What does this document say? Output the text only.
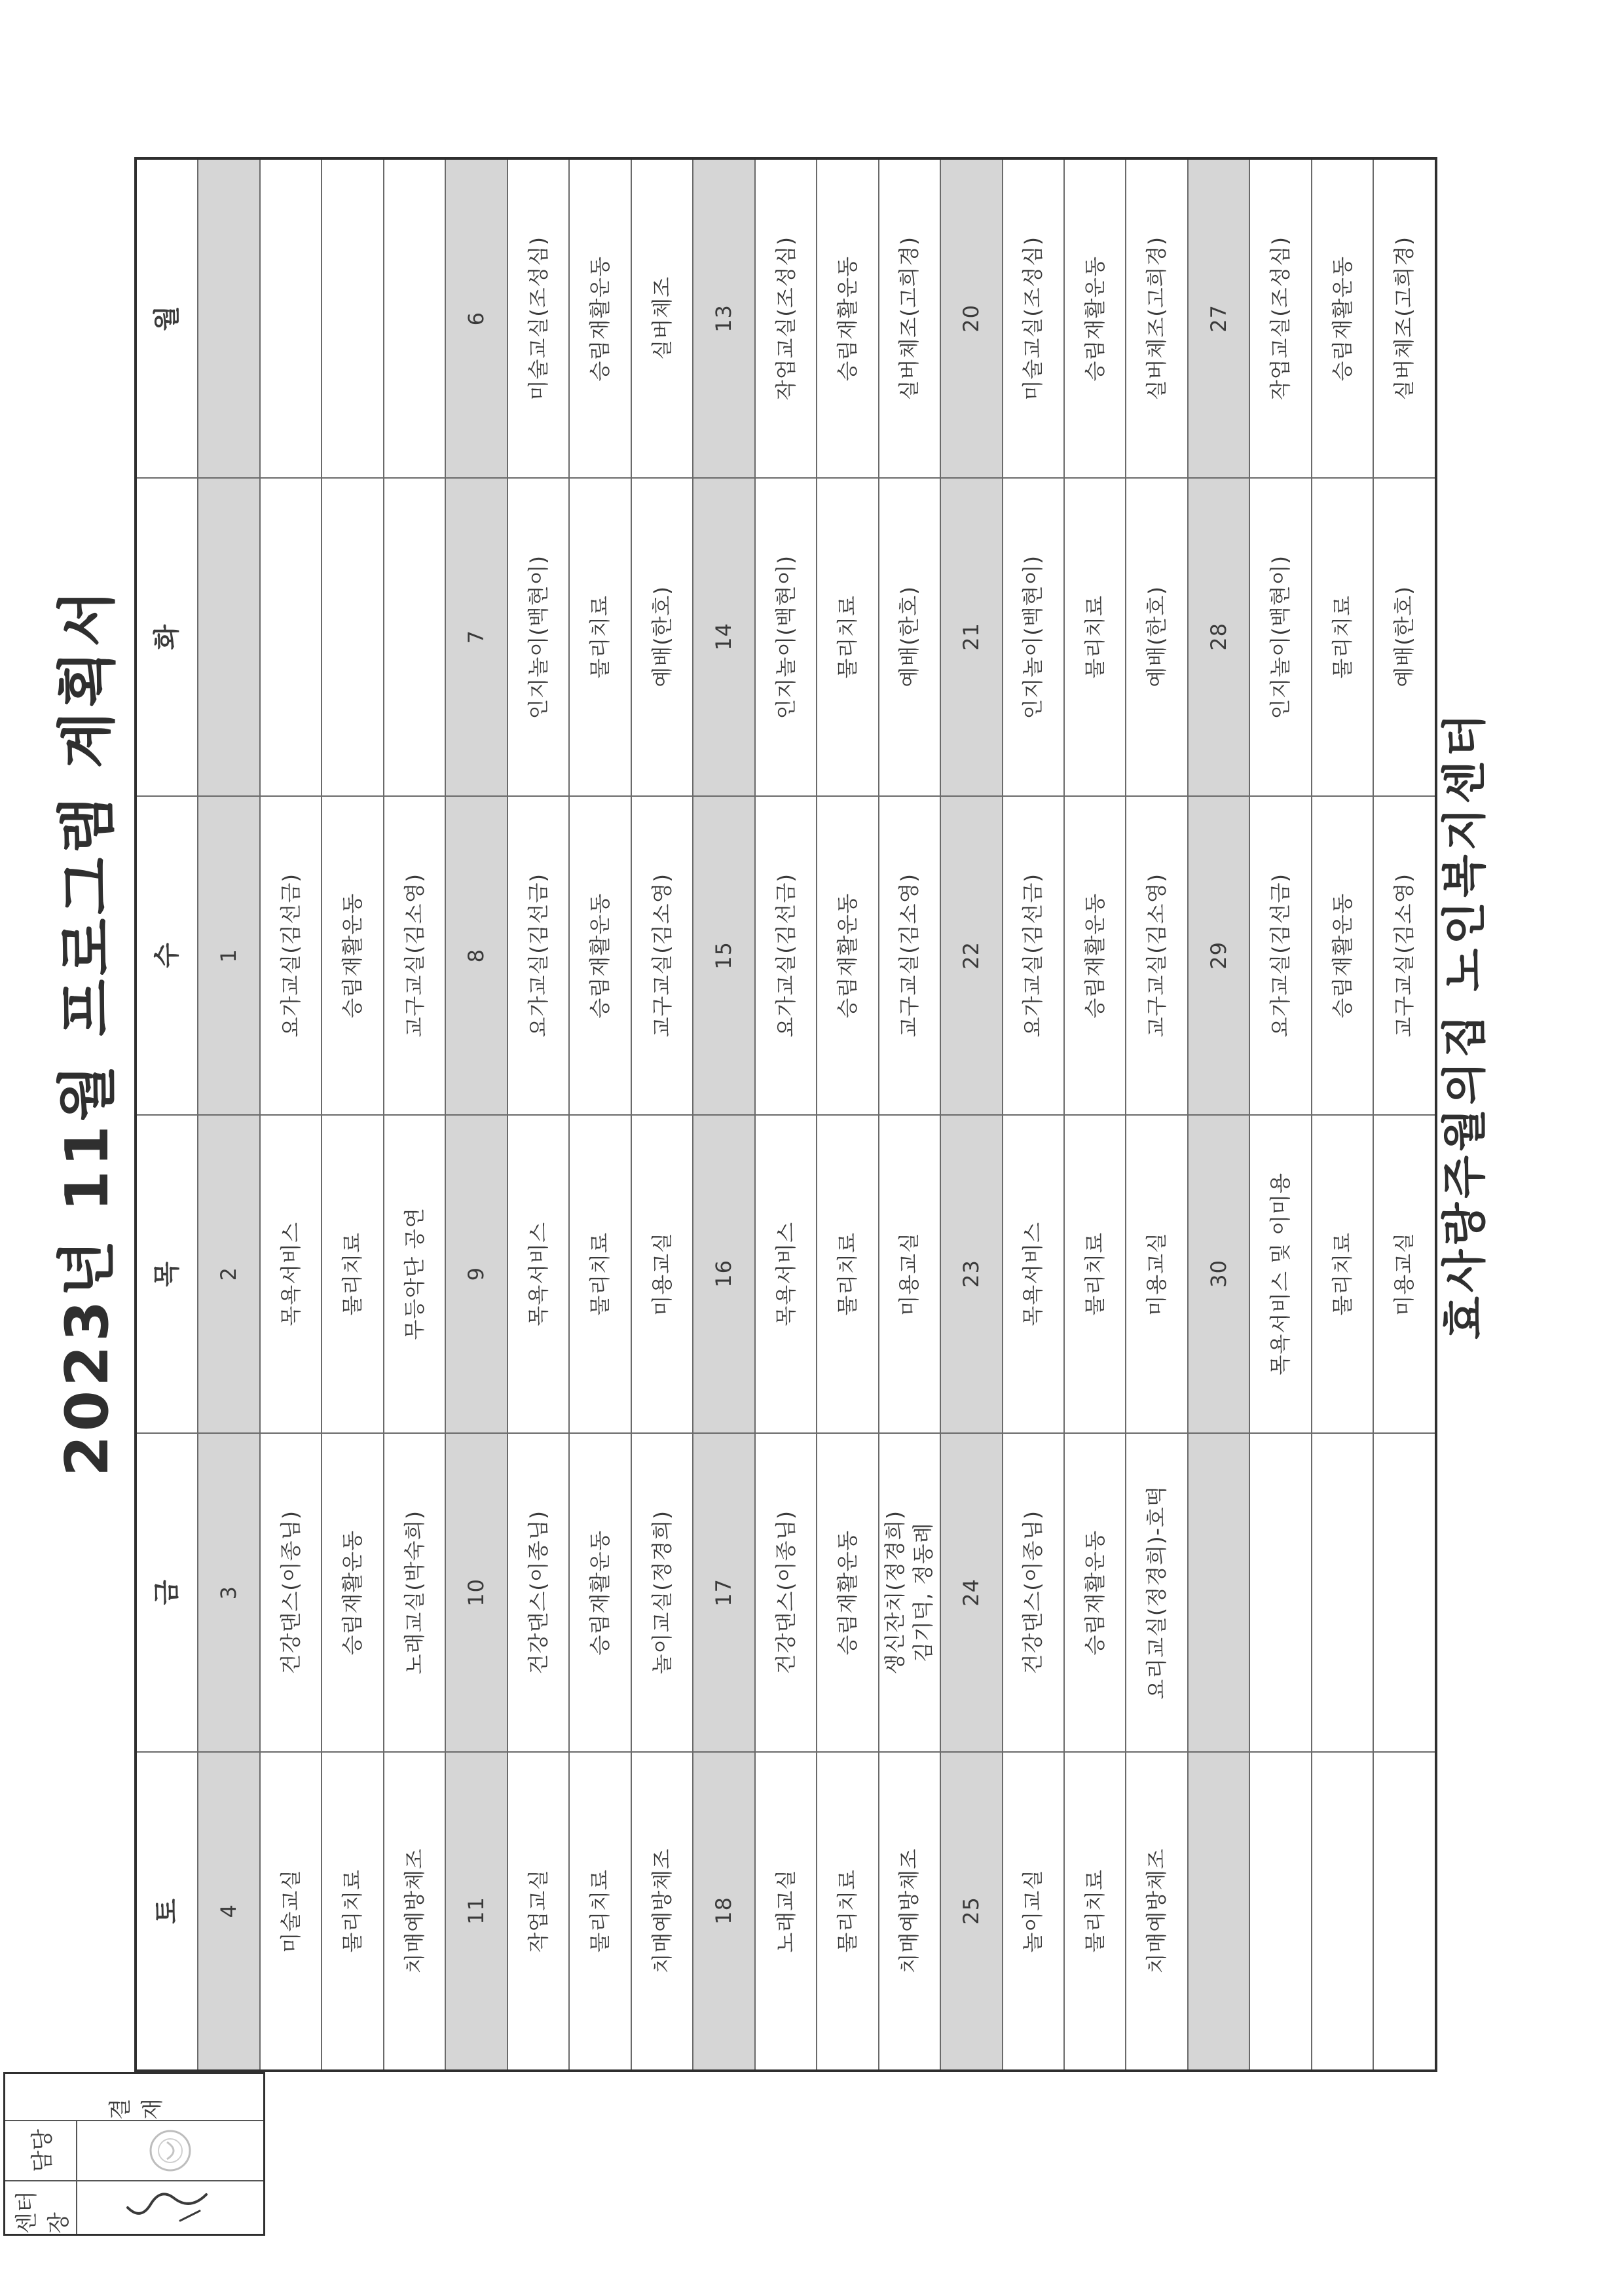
2023년 11월 프로그램 계획서
결 재
담당
센터장
월	6 미술교실(조성심) 승림재활운동 실버체조 13 작업교실(조성심) 승림재활운동 실버체조(고희경) 20 미술교실(조성심) 승림재활운동 실버체조(고희경) 27 작업교실(조성심) 승림재활운동 실버체조(고희경)
화	7 인지놀이(백현이) 물리치료 예배(한호) 14 인지놀이(백현이) 물리치료 예배(한호) 21 인지놀이(백현이) 물리치료 예배(한호) 28 인지놀이(백현이) 물리치료 예배(한호)
수 1 요가교실(김선금) 승림재활운동 교구교실(김소영) 8 요가교실(김선금) 승림재활운동 교구교실(김소영) 15 요가교실(김선금) 승림재활운동 교구교실(김소영) 22 요가교실(김선금) 승림재활운동 교구교실(김소영) 29 요가교실(김선금) 승림재활운동 교구교실(김소영)
목 2 목욕서비스 물리치료 무등악단 공연 9 목욕서비스 물리치료 미용교실 16 목욕서비스 물리치료 미용교실 23 목욕서비스 물리치료 미용교실 30 목욕서비스 및 이미용 물리치료 미용교실
금 3 건강댄스(이종님) 승림재활운동 노래교실(박숙희) 10 건강댄스(이종님) 승림재활운동 놀이교실(정경희) 17 건강댄스(이종님) 승림재활운동 생신잔치(정경희)
김기덕, 정동례
24 건강댄스(이종님) 승림재활운동 요리교실(정경희)-호떡
토 4 미술교실 물리치료 치매예방체조 11 작업교실 물리치료 치매예방체조 18 노래교실 물리치료 치매예방체조 25 놀이교실 물리치료 치매예방체조
효사랑주월의집 노인복지센터
